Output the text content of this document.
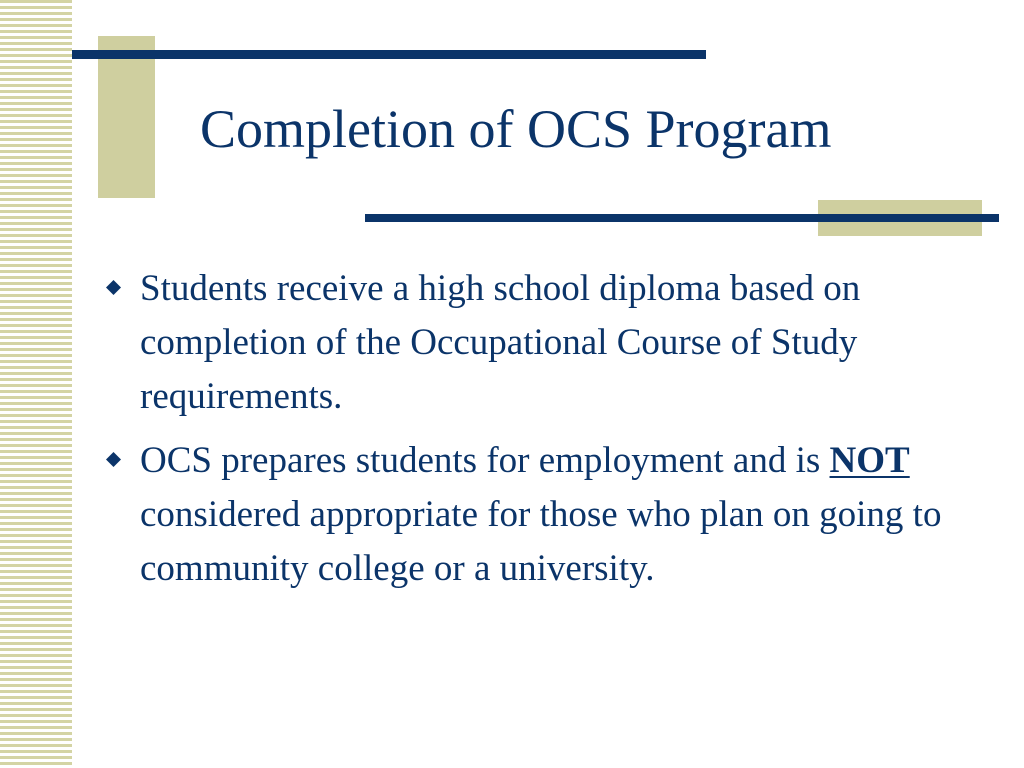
Completion of OCS Program
Students receive a high school diploma based on completion of the Occupational Course of Study requirements.
OCS prepares students for employment and is NOT considered appropriate for those who plan on going to community college or a university.
